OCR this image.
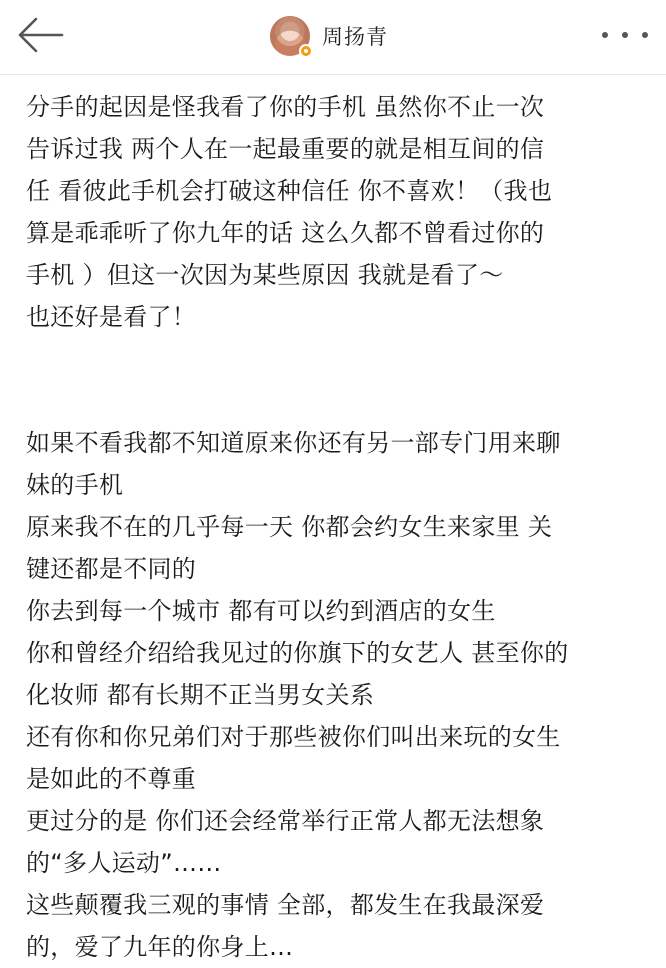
周扬青
分手的起因是怪我看了你的手机 虽然你不止一次
告诉过我 两个人在一起最重要的就是相互间的信
任 看彼此手机会打破这种信任 你不喜欢！（我也
算是乖乖听了你九年的话 这么久都不曾看过你的
手机 ）但这一次因为某些原因 我就是看了～
也还好是看了！
如果不看我都不知道原来你还有另一部专门用来聊
妹的手机
原来我不在的几乎每一天 你都会约女生来家里 关
键还都是不同的
你去到每一个城市 都有可以约到酒店的女生
你和曾经介绍给我见过的你旗下的女艺人 甚至你的
化妆师 都有长期不正当男女关系
还有你和你兄弟们对于那些被你们叫出来玩的女生
是如此的不尊重
更过分的是 你们还会经常举行正常人都无法想象
的“多人运动”……
这些颠覆我三观的事情 全部，都发生在我最深爱
的，爱了九年的你身上…
